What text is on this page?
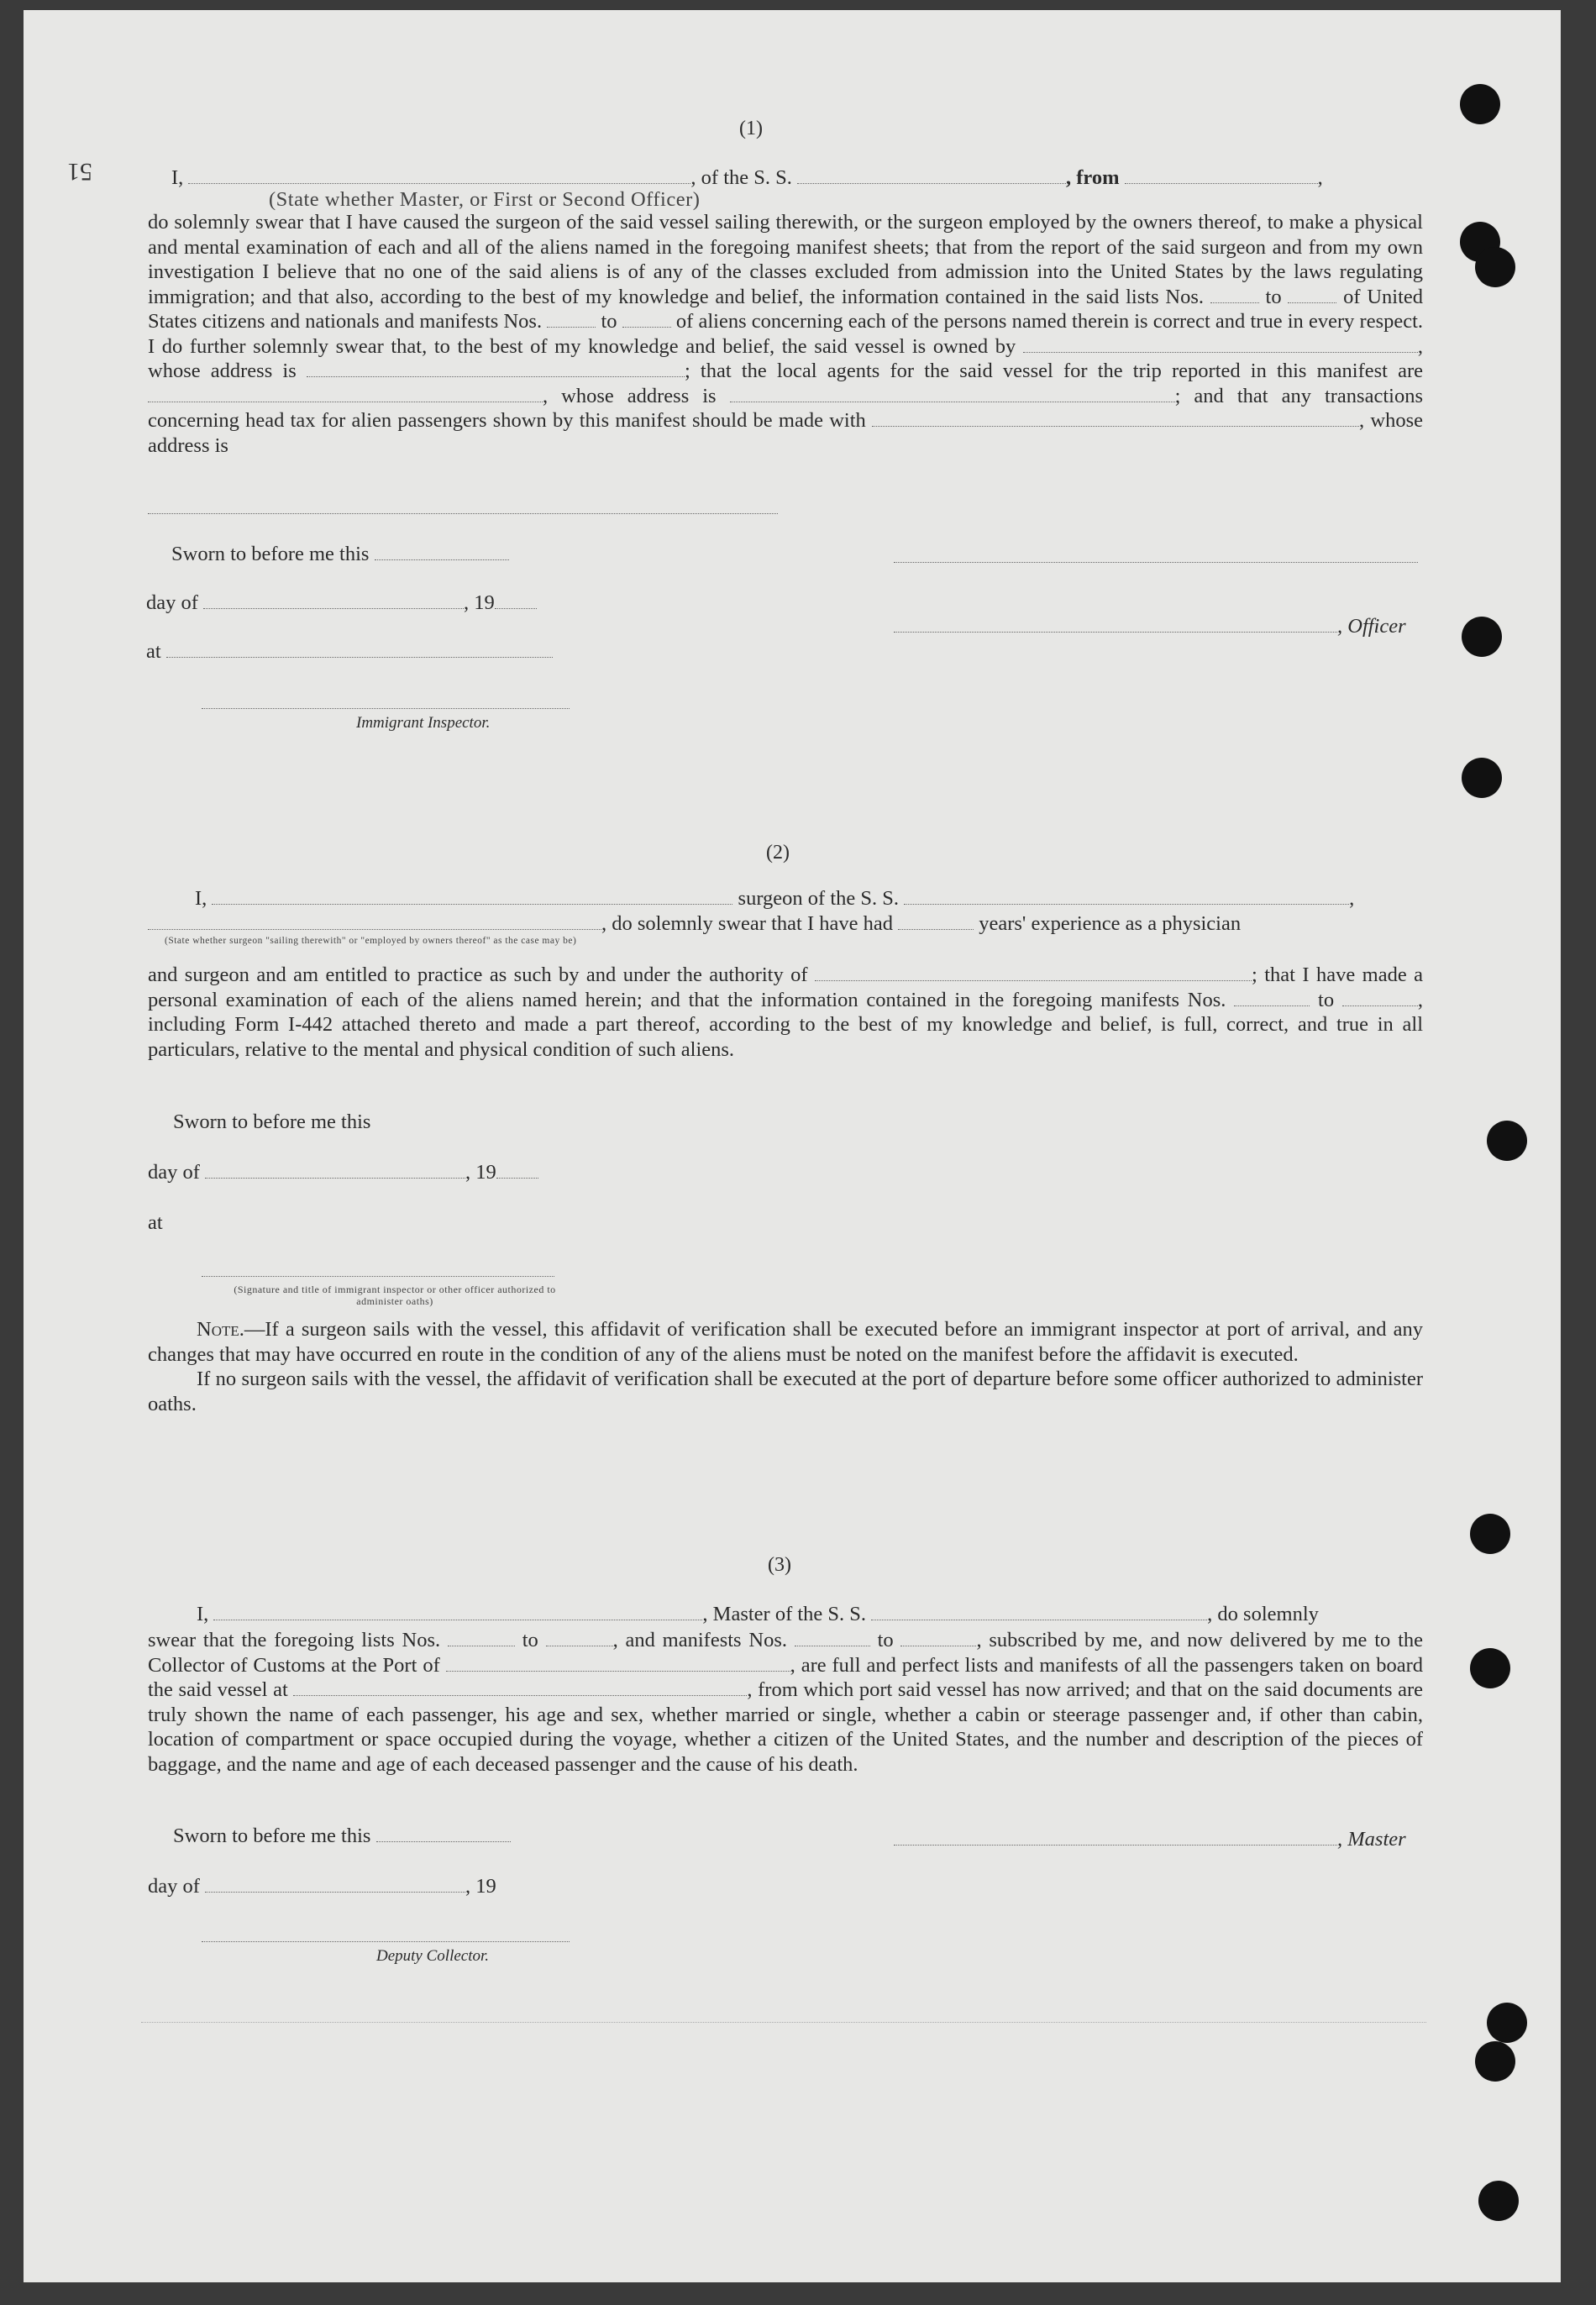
51
(1)
I,	, of the S. S.	, from	,
(State whether Master, or First or Second Officer)

do solemnly swear that I have caused the surgeon of the said vessel sailing therewith, or the surgeon employed by the owners thereof, to make a physical and mental examination of each and all of the aliens named in the foregoing manifest sheets; that from the report of the said surgeon and from my own investigation I believe that no one of the said aliens is of any of the classes excluded from admission into the United States by the laws regulating immigration; and that also, according to the best of my knowledge and belief, the information contained in the said lists Nos.	to	of United States citizens and nationals and manifests Nos.	to	of aliens concerning each of the persons named therein is correct and true in every respect. I do further solemnly swear that, to the best of my knowledge and belief, the said vessel is owned by	, whose address is	; that the local agents for the said vessel for the trip reported in this manifest are , whose address is	; and that any transactions concerning head tax for alien passengers shown by this manifest should be made with	, whose address is

Sworn to before me this
day of	, 19
, Officer
at
Immigrant Inspector.
(2)
I,	surgeon of the S. S.	,
, do solemnly swear that I have had	years' experience as a physician
(State whether surgeon "sailing therewith" or "employed by owners thereof" as the case may be)

and surgeon and am entitled to practice as such by and under the authority of	; that I have made a personal examination of each of the aliens named herein; and that the information contained in the foregoing manifests Nos.	to	, including Form I-442 attached thereto and made a part thereof, according to the best of my knowledge and belief, is full, correct, and true in all particulars, relative to the mental and physical condition of such aliens.

Sworn to before me this
day of	, 19
at
(Signature and title of immigrant inspector or other officer authorized to administer oaths)

Note.—If a surgeon sails with the vessel, this affidavit of verification shall be executed before an immigrant inspector at port of arrival, and any changes that may have occurred en route in the condition of any of the aliens must be noted on the manifest before the affidavit is executed.

If no surgeon sails with the vessel, the affidavit of verification shall be executed at the port of departure before some officer authorized to administer oaths.

(3)
I,	, Master of the S. S.	, do solemnly

swear that the foregoing lists Nos.	to	, and manifests Nos.	to	, subscribed by me, and now delivered by me to the Collector of Customs at the Port of	, are full and perfect lists and manifests of all the passengers taken on board the said vessel at	, from which port said vessel has now arrived; and that on the said documents are truly shown the name of each passenger, his age and sex, whether married or single, whether a cabin or steerage passenger and, if other than cabin, location of compartment or space occupied during the voyage, whether a citizen of the United States, and the number and description of the pieces of baggage, and the name and age of each deceased passenger and the cause of his death.

Sworn to before me this	, Master
day of	, 19
Deputy Collector.
